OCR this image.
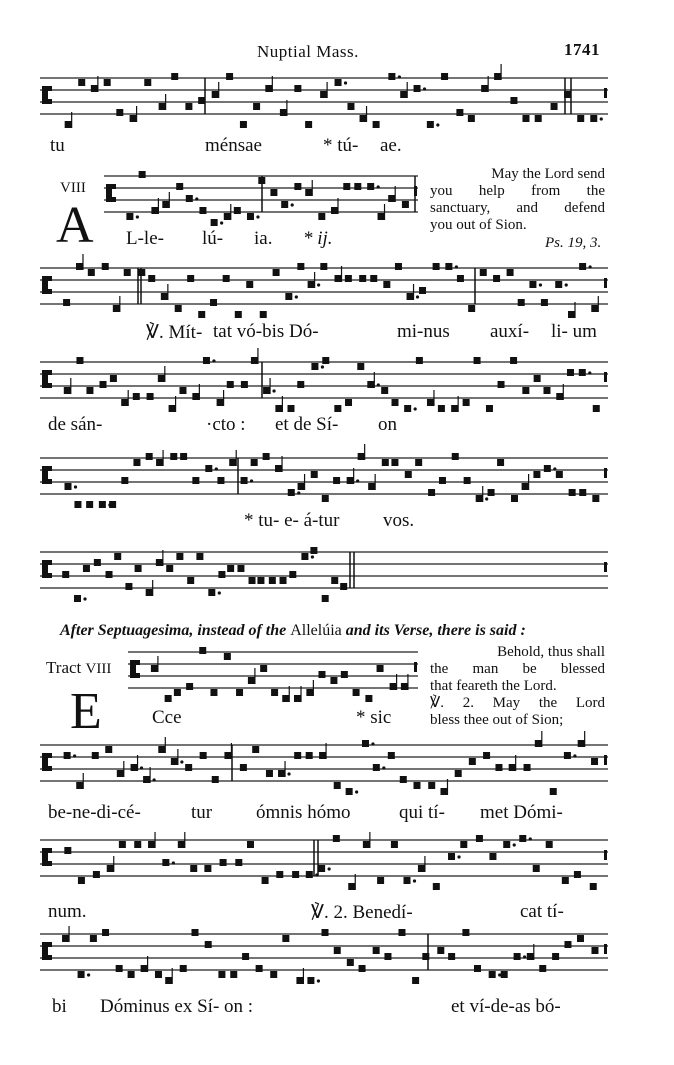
Nuptial Mass.	1741
tu	ménsae	* tú- ae.
VIII
A L-le- lú- ia. * ij.
May the Lord send
you help from the
sanctuary, and defend
you out of Sion.
Ps. 19, 3.
℣. Mít- tat vó-bis Dó-	mi-nus auxí- li- um
de sán-	·cto : et de Sí- on
* tu- e- á-tur vos.
After Septuagesima, instead of the Allelúia and its Verse, there is said :
Tract VIII
E	Cce	* sic
Behold, thus shall
the man be blessed
that feareth the Lord.
℣. 2. May the Lord
bless thee out of Sion;
be-ne-di-cé-	tur ómnis hómo	qui tí- met Dómi-
num.	℣. 2. Benedí-	cat tí-
bi Dóminus ex Sí- on :	et ví-de-as bó-
